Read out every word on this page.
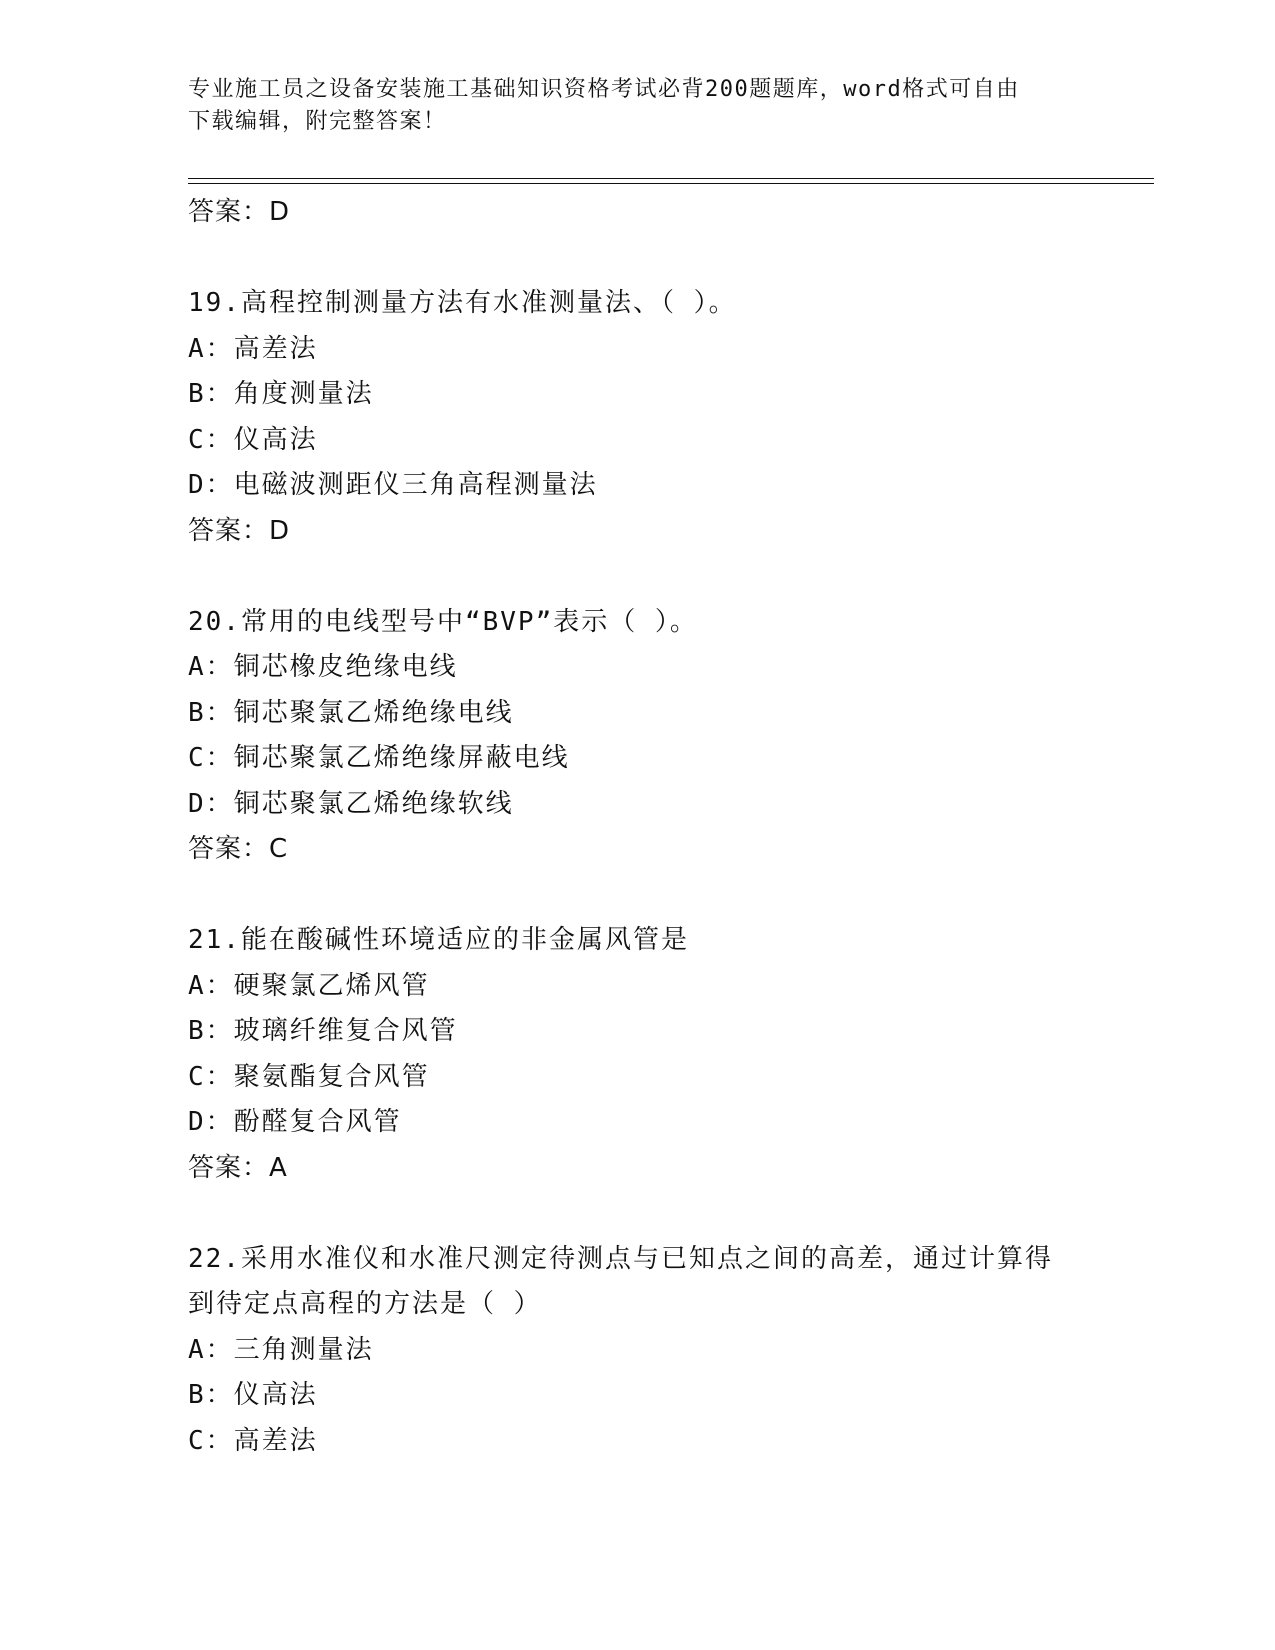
专业施工员之设备安装施工基础知识资格考试必背200题题库，word格式可自由
下载编辑，附完整答案！
答案：D
19.高程控制测量方法有水准测量法、（ ）。
A：高差法
B：角度测量法
C：仪高法
D：电磁波测距仪三角高程测量法
答案：D
20.常用的电线型号中“BVP”表示（ ）。
A：铜芯橡皮绝缘电线
B：铜芯聚氯乙烯绝缘电线
C：铜芯聚氯乙烯绝缘屏蔽电线
D：铜芯聚氯乙烯绝缘软线
答案：C
21.能在酸碱性环境适应的非金属风管是
A：硬聚氯乙烯风管
B：玻璃纤维复合风管
C：聚氨酯复合风管
D：酚醛复合风管
答案：A
22.采用水准仪和水准尺测定待测点与已知点之间的高差，通过计算得
到待定点高程的方法是（ ）
A：三角测量法
B：仪高法
C：高差法
